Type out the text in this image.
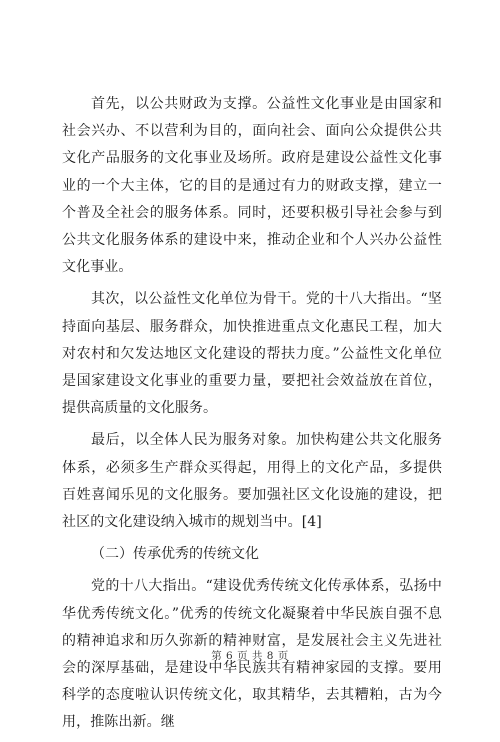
首先，以公共财政为支撑。公益性文化事业是由国家和社会兴办、不以营利为目的，面向社会、面向公众提供公共文化产品服务的文化事业及场所。政府是建设公益性文化事业的一个大主体，它的目的是通过有力的财政支撑，建立一个普及全社会的服务体系。同时，还要积极引导社会参与到公共文化服务体系的建设中来，推动企业和个人兴办公益性文化事业。

其次，以公益性文化单位为骨干。党的十八大指出。“坚持面向基层、服务群众，加快推进重点文化惠民工程，加大对农村和欠发达地区文化建设的帮扶力度。”公益性文化单位是国家建设文化事业的重要力量，要把社会效益放在首位，提供高质量的文化服务。

最后，以全体人民为服务对象。加快构建公共文化服务体系，必须多生产群众买得起，用得上的文化产品，多提供百姓喜闻乐见的文化服务。要加强社区文化设施的建设，把社区的文化建设纳入城市的规划当中。[4]

（二）传承优秀的传统文化

党的十八大指出。“建设优秀传统文化传承体系，弘扬中华优秀传统文化。”优秀的传统文化凝聚着中华民族自强不息的精神追求和历久弥新的精神财富，是发展社会主义先进社会的深厚基础，是建设中华民族共有精神家园的支撑。要用科学的态度啦认识传统文化，取其精华，去其糟粕，古为今用，推陈出新。继

第 6 页 共 8 页
